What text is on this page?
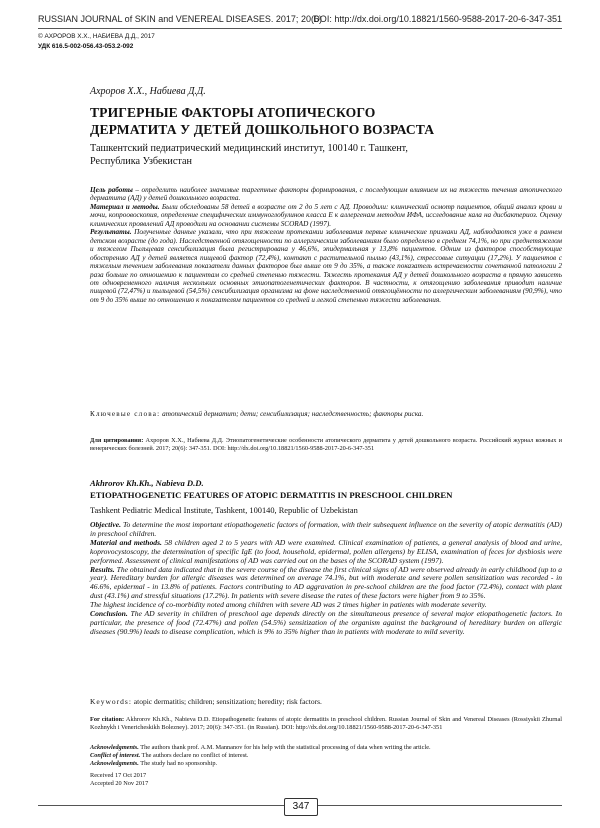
RUSSIAN JOURNAL of SKIN and VENEREAL DISEASES. 2017; 20(6)
DOI: http://dx.doi.org/10.18821/1560-9588-2017-20-6-347-351
© АХРОРОВ Х.Х., НАБИЕВА Д.Д., 2017
УДК 616.5-002-056.43-053.2-092
Ахроров Х.Х., Набиева Д.Д.
ТРИГЕРНЫЕ ФАКТОРЫ АТОПИЧЕСКОГО
ДЕРМАТИТА У ДЕТЕЙ ДОШКОЛЬНОГО ВОЗРАСТА
Ташкентский педиатрический медицинский институт, 100140 г. Ташкент, Республика Узбекистан

Цель работы – определить наиболее значимые таргетные факторы формирования, с последующим влиянием их на тяжесть течения атопического дерматита (АД) у детей дошкольного возраста.

Материал и методы. Были обследованы 58 детей в возрасте от 2 до 5 лет с АД. Проводили: клинический осмотр пациентов, общий анализ крови и мочи, копроовоскопия, определение специфических иммуноглобулинов класса Е к аллергенам методом ИФА, исследование кала на дисбактериоз. Оценку клинических проявлений АД проводили на основании системы SCORAD (1997).

Результаты. Полученные данные указали, что при тяжелом протекании заболевания первые клинические признаки АД, наблюдаются уже в раннем детском возрасте (до года). Наследственной отягощенности по аллергическим заболеваниям было определено в среднем 74,1%, но при среднетяжелом и тяжелом Пыльцевая сенсибилизация была регистрирована у 46,6%, эпидермальная у 13,8% пациентов. Одним из факторов способствующие обострению АД у детей является пищевой фактор (72,4%), контакт с растительной пылью (43,1%), стрессовые ситуации (17,2%). У пациентов с тяжелым течением заболевания показатели данных факторов был выше от 9 до 35%, а также показатель встречаемости сочетанной патологии 2 раза больше по отношению к пациентам со средней степенью тяжести. Тяжесть протекания АД у детей дошкольного возраста в прямую зависеть от одновременного наличия нескольких основных этиопатогенетических факторов. В частности, к отягощению заболевания приводит наличие пищевой (72,47%) и пыльцевой (54,5%) сенсибилизация организма на фоне наследственной отягощённости по аллергическим заболеваниям (90,9%), что от 9 до 35% выше по отношению к показателям пациентов со средней и легкой степенью тяжести заболевания.

Ключевые слова: атопический дерматит; дети; сенсибилизация; наследственность; факторы риска.

Для цитирования: Ахроров Х.Х., Набиева Д.Д. Этиопатогенетические особенности атопического дерматита у детей дошкольного возраста. Российский журнал кожных и венерических болезней. 2017; 20(6): 347-351. DOI: http://dx.doi.org/10.18821/1560-9588-2017-20-6-347-351

Akhrorov Kh.Kh., Nabieva D.D.
ETIOPATHOGENETIC FEATURES OF ATOPIC DERMATITIS IN PRESCHOOL CHILDREN
Tashkent Pediatric Medical Institute, Tashkent, 100140, Republic of Uzbekistan

Objective. To determine the most important etiopathogenetic factors of formation, with their subsequent influence on the severity of atopic dermatitis (AD) in preschool children.

Material and methods. 58 children aged 2 to 5 years with AD were examined. Clinical examination of patients, a general analysis of blood and urine, koprovocystoscopy, the determination of specific IgE (to food, household, epidermal, pollen allergens) by ELISA, examination of feces for dysbiosis were performed. Assessment of clinical manifestations of AD was carried out on the bases of the SCORAD system (1997).

Results. The obtained data indicated that in the severe course of the disease the first clinical signs of AD were observed already in early childhood (up to a year). Hereditary burden for allergic diseases was determined on average 74.1%, but with moderate and severe pollen sensitization was recorded - in 46.6%, epidermal - in 13.8% of patients. Factors contributing to AD aggravation in pre-school children are the food factor (72.4%), contact with plant dust (43.1%) and stressful situations (17.2%). In patients with severe disease the rates of these factors were higher from 9 to 35%.

The highest incidence of co-morbidity noted among children with severe AD was 2 times higher in patients with moderate severity.

Conclusion. The AD severity in children of preschool age depends directly on the simultaneous presence of several major etiopathogenetic factors. In particular, the presence of food (72.47%) and pollen (54.5%) sensitization of the organism against the background of hereditary burden on allergic diseases (90.9%) leads to disease complication, which is 9% to 35% higher than in patients with moderate to mild severity.

Keywords: atopic dermatitis; children; sensitization; heredity; risk factors.

For citation: Akhrorov Kh.Kh., Nabieva D.D. Etiopathogenetic features of atopic dermatitis in preschool children. Russian Journal of Skin and Venereal Diseases (Rossiyskii Zhurnal Kozhnykh i Venericheskikh Bolezney). 2017; 20(6): 347-351. (in Russian). DOI: http://dx.doi.org/10.18821/1560-9588-2017-20-6-347-351

Acknowledgments. The authors thank prof. A.M. Mannanov for his help with the statistical processing of data when writing the article.

Conflict of interest. The authors declare no conflict of interest.

Acknowledgments. The study had no sponsorship.

Received 17 Oct 2017

Accepted 20 Nov 2017

347
